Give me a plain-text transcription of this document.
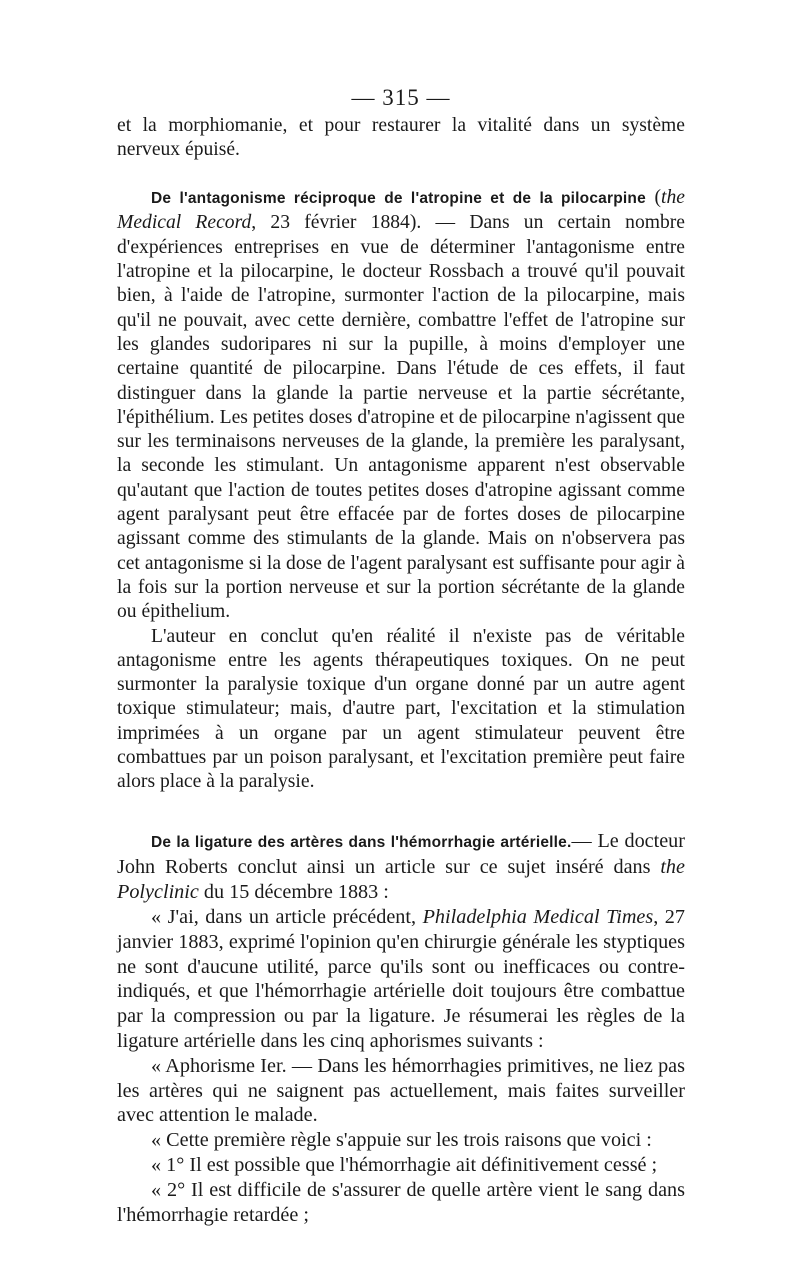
— 315 —

et la morphiomanie, et pour restaurer la vitalité dans un système nerveux épuisé.

De l'antagonisme réciproque de l'atropine et de la pilocarpine (the Medical Record, 23 février 1884). — Dans un certain nombre d'expériences entreprises en vue de déterminer l'antagonisme entre l'atropine et la pilocarpine, le docteur Rossbach a trouvé qu'il pouvait bien, à l'aide de l'atropine, surmonter l'action de la pilocarpine, mais qu'il ne pouvait, avec cette dernière, combattre l'effet de l'atropine sur les glandes sudoripares ni sur la pupille, à moins d'employer une certaine quantité de pilocarpine. Dans l'étude de ces effets, il faut distinguer dans la glande la partie nerveuse et la partie sécrétante, l'épithélium. Les petites doses d'atropine et de pilocarpine n'agissent que sur les terminaisons nerveuses de la glande, la première les paralysant, la seconde les stimulant. Un antagonisme apparent n'est observable qu'autant que l'action de toutes petites doses d'atropine agissant comme agent paralysant peut être effacée par de fortes doses de pilocarpine agissant comme des stimulants de la glande. Mais on n'observera pas cet antagonisme si la dose de l'agent paralysant est suffisante pour agir à la fois sur la portion nerveuse et sur la portion sécrétante de la glande ou épithelium.

L'auteur en conclut qu'en réalité il n'existe pas de véritable antagonisme entre les agents thérapeutiques toxiques. On ne peut surmonter la paralysie toxique d'un organe donné par un autre agent toxique stimulateur; mais, d'autre part, l'excitation et la stimulation imprimées à un organe par un agent stimulateur peuvent être combattues par un poison paralysant, et l'excitation première peut faire alors place à la paralysie.

De la ligature des artères dans l'hémorrhagie artérielle.— Le docteur John Roberts conclut ainsi un article sur ce sujet inséré dans the Polyclinic du 15 décembre 1883 :

« J'ai, dans un article précédent, Philadelphia Medical Times, 27 janvier 1883, exprimé l'opinion qu'en chirurgie générale les styptiques ne sont d'aucune utilité, parce qu'ils sont ou inefficaces ou contre-indiqués, et que l'hémorrhagie artérielle doit toujours être combattue par la compression ou par la ligature. Je résumerai les règles de la ligature artérielle dans les cinq aphorismes suivants :

« Aphorisme Ier. — Dans les hémorrhagies primitives, ne liez pas les artères qui ne saignent pas actuellement, mais faites surveiller avec attention le malade.

« Cette première règle s'appuie sur les trois raisons que voici :

« 1° Il est possible que l'hémorrhagie ait définitivement cessé ;

« 2° Il est difficile de s'assurer de quelle artère vient le sang dans l'hémorrhagie retardée ;
